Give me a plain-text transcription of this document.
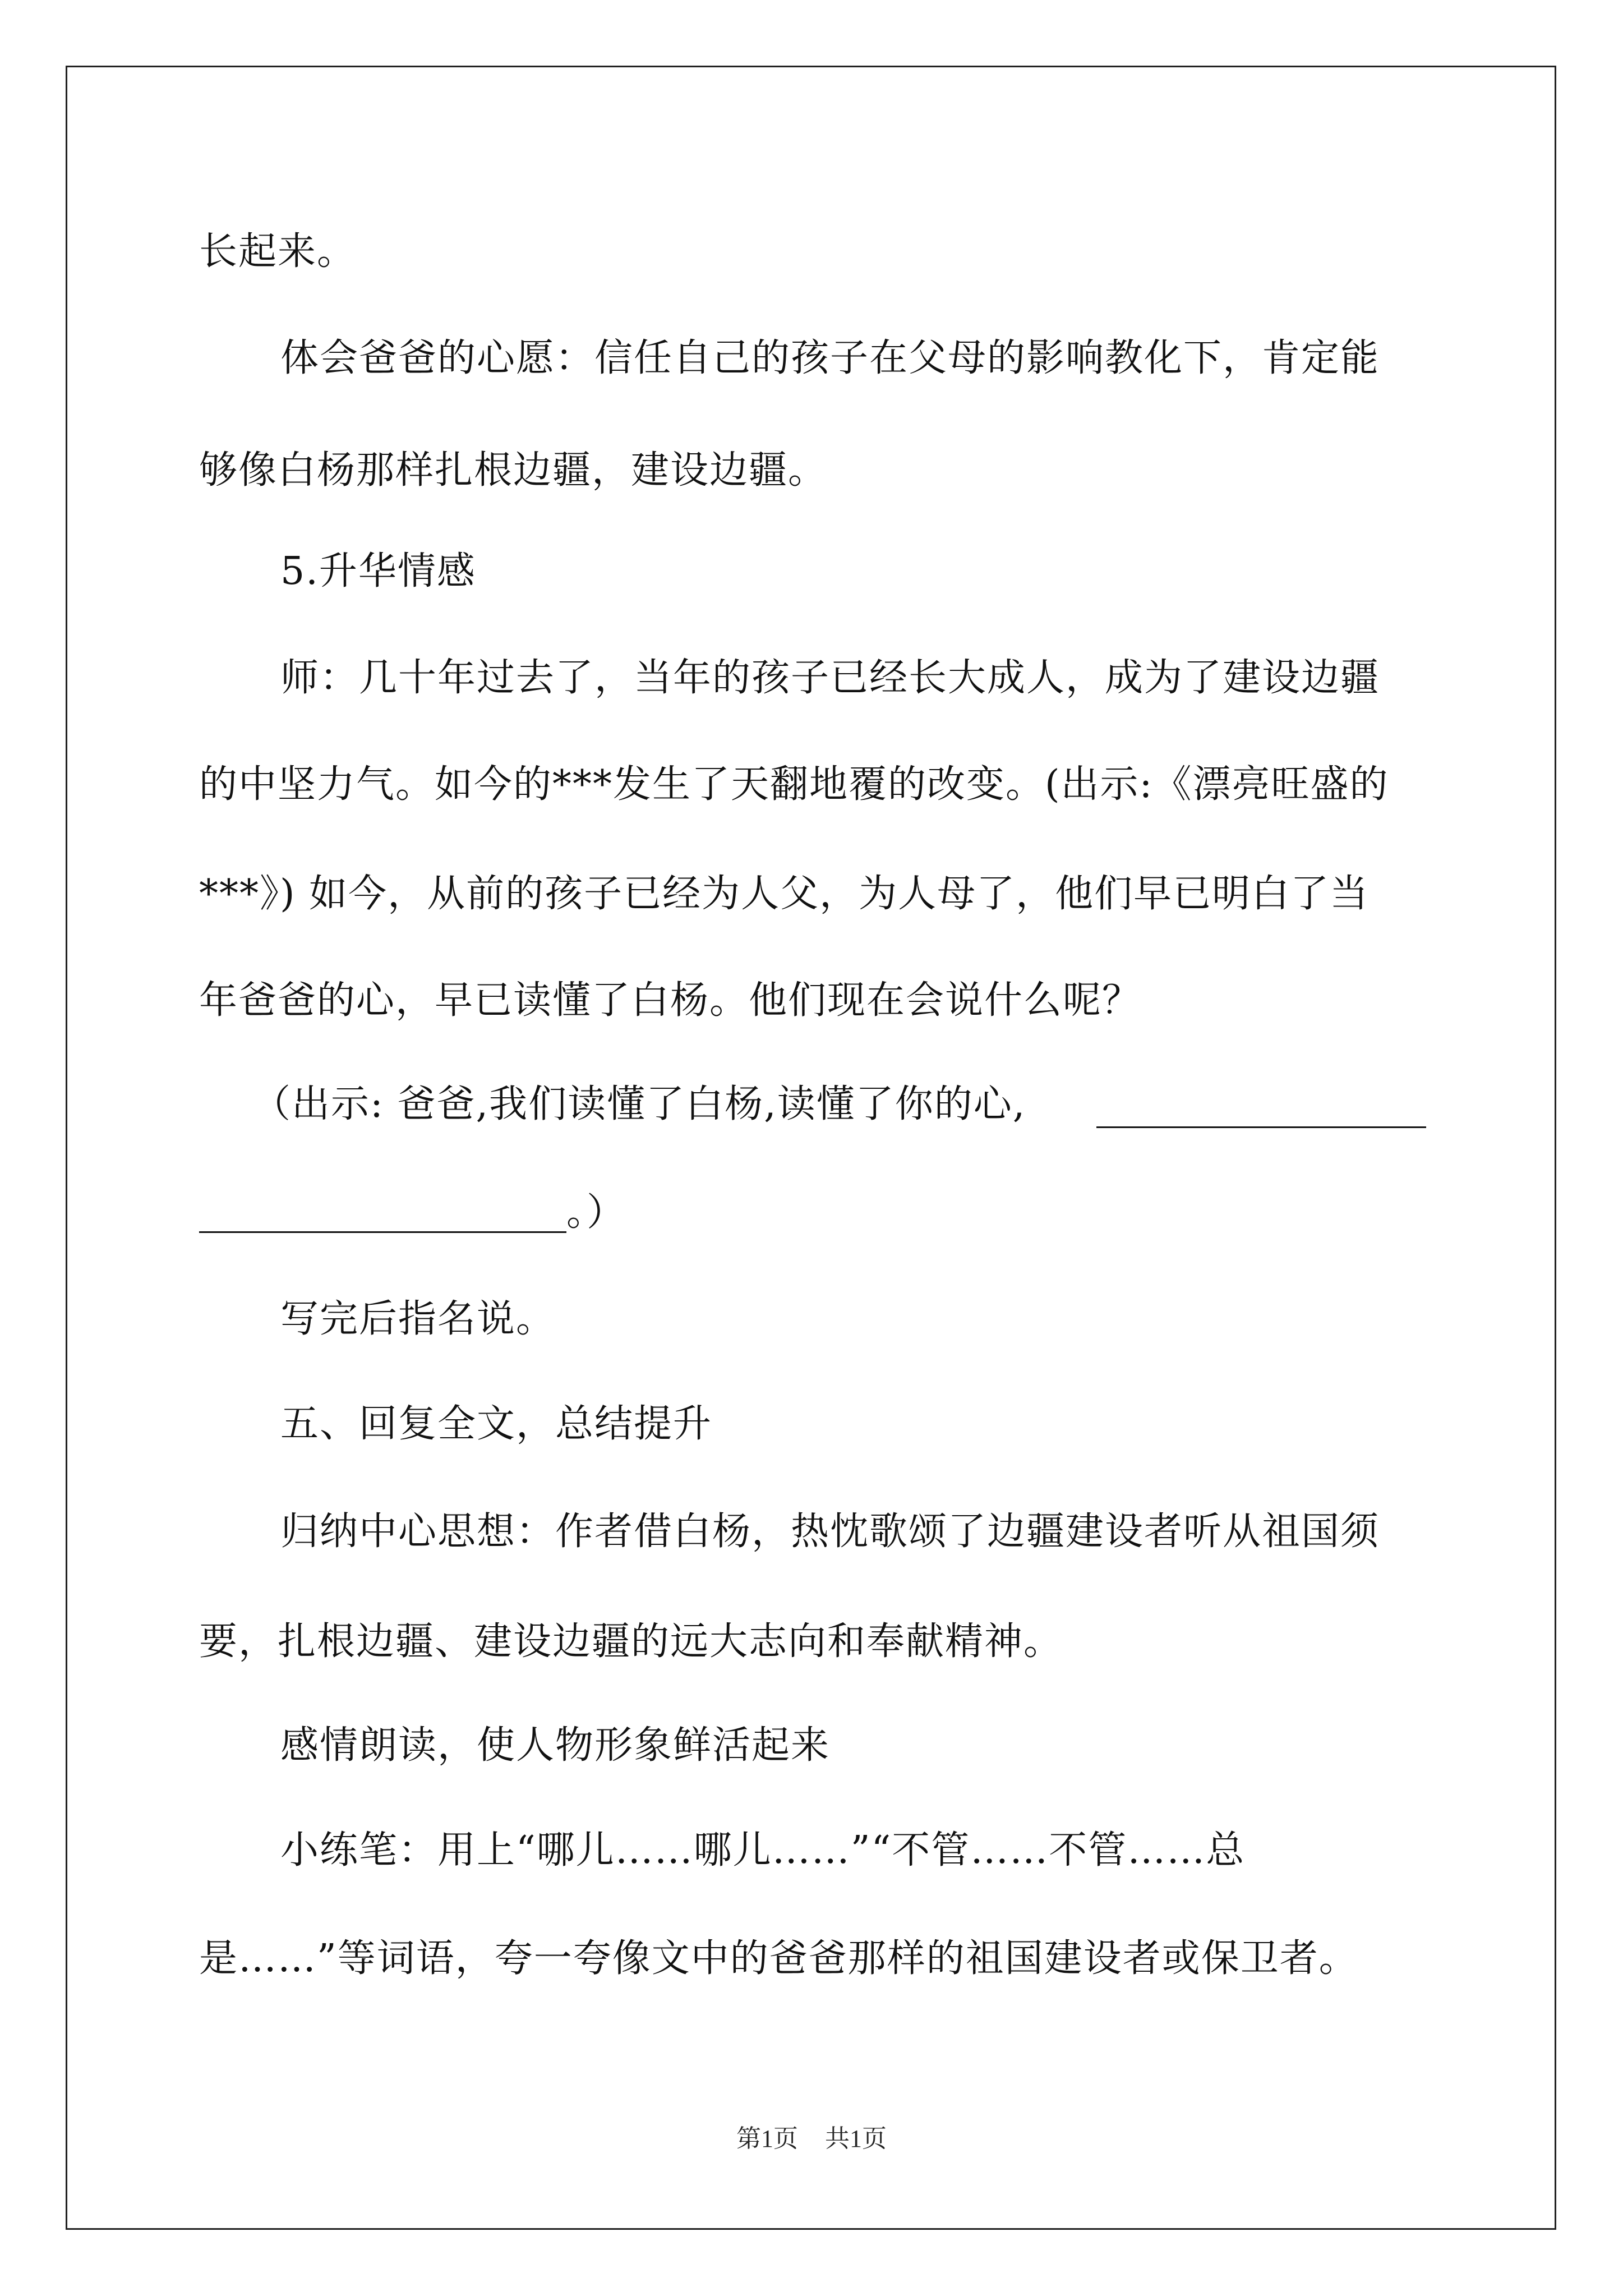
长起来。
体会爸爸的心愿：信任自己的孩子在父母的影响教化下，肯定能
够像白杨那样扎根边疆，建设边疆。
5.升华情感
师：几十年过去了，当年的孩子已经长大成人，成为了建设边疆
的中坚力气。如今的***发生了天翻地覆的改变。(出示:《漂亮旺盛的
***》) 如今，从前的孩子已经为人父，为人母了，他们早已明白了当
年爸爸的心，早已读懂了白杨。他们现在会说什么呢？
（出示: 爸爸,我们读懂了白杨,读懂了你的心,
。）
写完后指名说。
五、回复全文，总结提升
归纳中心思想：作者借白杨，热忱歌颂了边疆建设者听从祖国须
要，扎根边疆、建设边疆的远大志向和奉献精神。
感情朗读，使人物形象鲜活起来
小练笔：用上“哪儿……哪儿……”“不管……不管……总
是……”等词语，夸一夸像文中的爸爸那样的祖国建设者或保卫者。
第1页 共1页
